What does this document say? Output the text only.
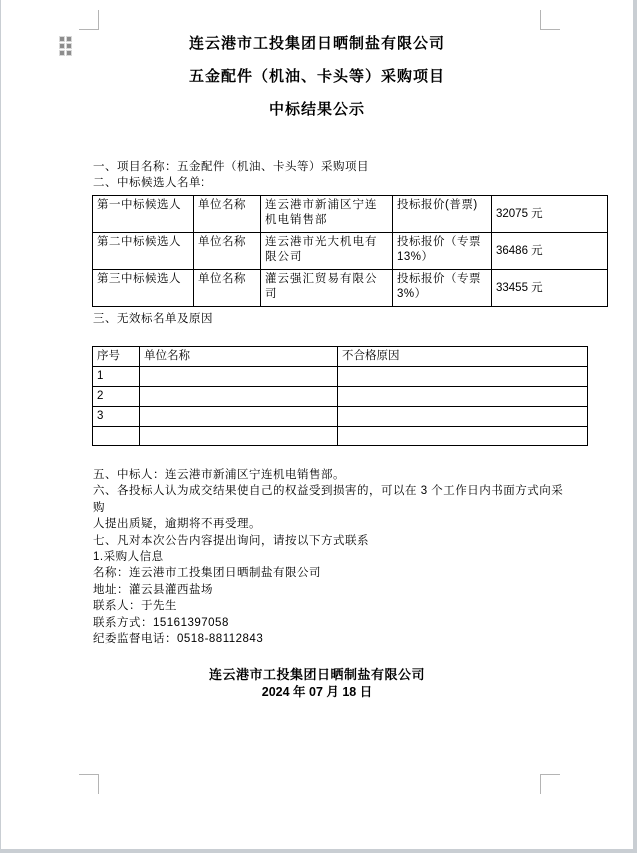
连云港市工投集团日晒制盐有限公司
五金配件（机油、卡头等）采购项目
中标结果公示
一、项目名称：五金配件（机油、卡头等）采购项目
二、中标候选人名单:
第一中标候选人	单位名称	连云港市新浦区宁连机电销售部	投标报价(普票)	32075 元
第二中标候选人	单位名称	连云港市光大机电有限公司	投标报价（专票13%）	36486 元
第三中标候选人	单位名称	灌云强汇贸易有限公司	投标报价（专票3%）	33455 元
三、无效标名单及原因
序号	单位名称	不合格原因
1		
2		
3		

五、中标人：连云港市新浦区宁连机电销售部。
六、各投标人认为成交结果使自己的权益受到损害的，可以在 3 个工作日内书面方式向采购
人提出质疑，逾期将不再受理。
七、凡对本次公告内容提出询问，请按以下方式联系
1.采购人信息
名称：连云港市工投集团日晒制盐有限公司
地址：灌云县灌西盐场
联系人：于先生
联系方式：15161397058
纪委监督电话：0518-88112843
连云港市工投集团日晒制盐有限公司
2024 年 07 月 18 日
